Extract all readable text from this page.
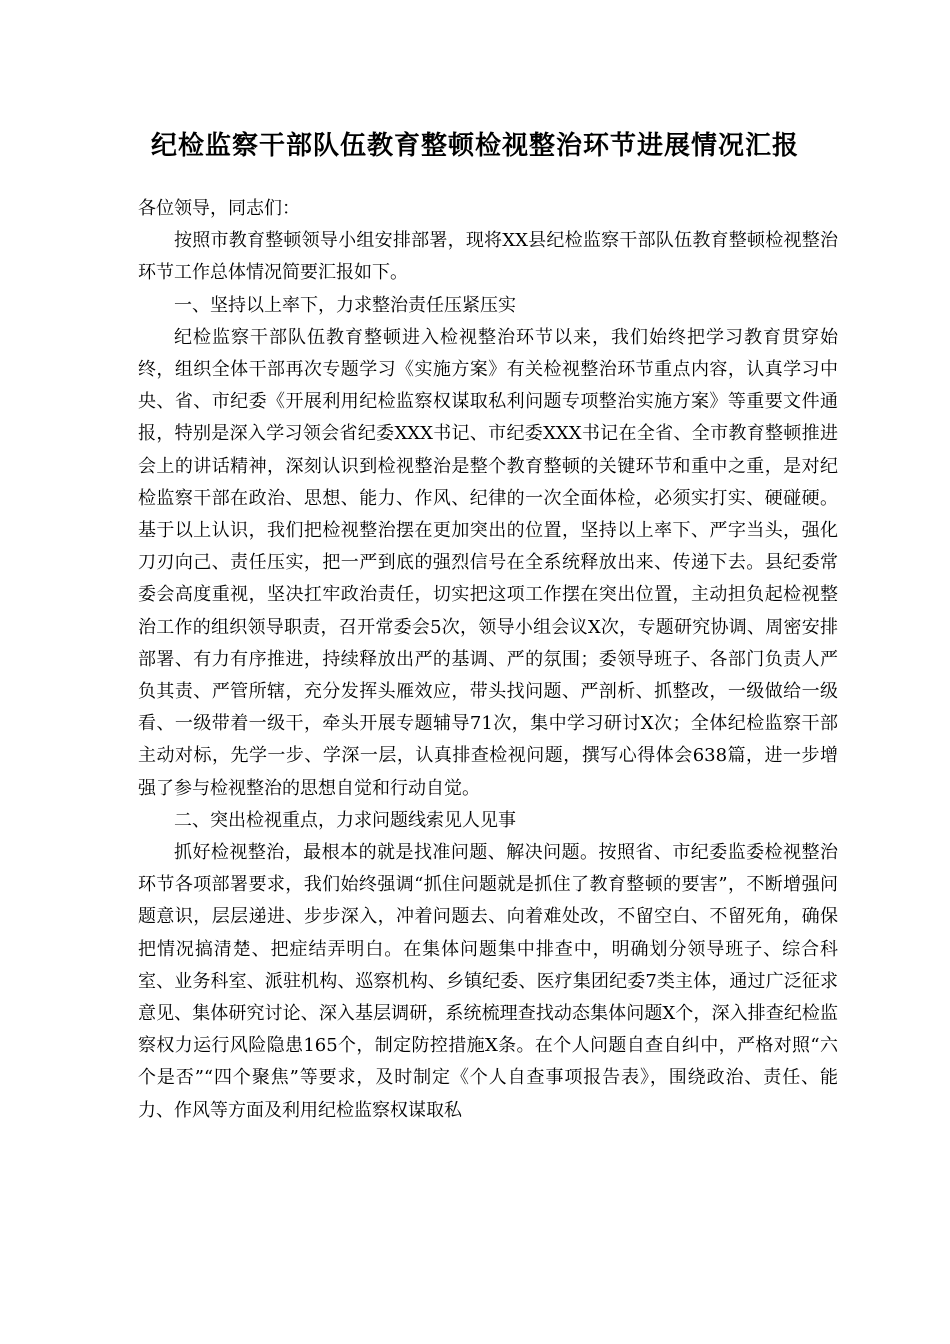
纪检监察干部队伍教育整顿检视整治环节进展情况汇报

各位领导，同志们：

按照市教育整顿领导小组安排部署，现将XX县纪检监察干部队伍教育整顿检视整治环节工作总体情况简要汇报如下。

一、坚持以上率下，力求整治责任压紧压实

纪检监察干部队伍教育整顿进入检视整治环节以来，我们始终把学习教育贯穿始终，组织全体干部再次专题学习《实施方案》有关检视整治环节重点内容，认真学习中央、省、市纪委《开展利用纪检监察权谋取私利问题专项整治实施方案》等重要文件通报，特别是深入学习领会省纪委XXX书记、市纪委XXX书记在全省、全市教育整顿推进会上的讲话精神，深刻认识到检视整治是整个教育整顿的关键环节和重中之重，是对纪检监察干部在政治、思想、能力、作风、纪律的一次全面体检，必须实打实、硬碰硬。基于以上认识，我们把检视整治摆在更加突出的位置，坚持以上率下、严字当头，强化刀刃向己、责任压实，把一严到底的强烈信号在全系统释放出来、传递下去。县纪委常委会高度重视，坚决扛牢政治责任，切实把这项工作摆在突出位置，主动担负起检视整治工作的组织领导职责，召开常委会5次，领导小组会议X次，专题研究协调、周密安排部署、有力有序推进，持续释放出严的基调、严的氛围；委领导班子、各部门负责人严负其责、严管所辖，充分发挥头雁效应，带头找问题、严剖析、抓整改，一级做给一级看、一级带着一级干，牵头开展专题辅导71次，集中学习研讨X次；全体纪检监察干部主动对标，先学一步、学深一层，认真排查检视问题，撰写心得体会638篇，进一步增强了参与检视整治的思想自觉和行动自觉。

二、突出检视重点，力求问题线索见人见事

抓好检视整治，最根本的就是找准问题、解决问题。按照省、市纪委监委检视整治环节各项部署要求，我们始终强调“抓住问题就是抓住了教育整顿的要害”，不断增强问题意识，层层递进、步步深入，冲着问题去、向着难处改，不留空白、不留死角，确保把情况搞清楚、把症结弄明白。在集体问题集中排查中，明确划分领导班子、综合科室、业务科室、派驻机构、巡察机构、乡镇纪委、医疗集团纪委7类主体，通过广泛征求意见、集体研究讨论、深入基层调研，系统梳理查找动态集体问题X个，深入排查纪检监察权力运行风险隐患165个，制定防控措施X条。在个人问题自查自纠中，严格对照“六个是否”“四个聚焦”等要求，及时制定《个人自查事项报告表》，围绕政治、责任、能力、作风等方面及利用纪检监察权谋取私
